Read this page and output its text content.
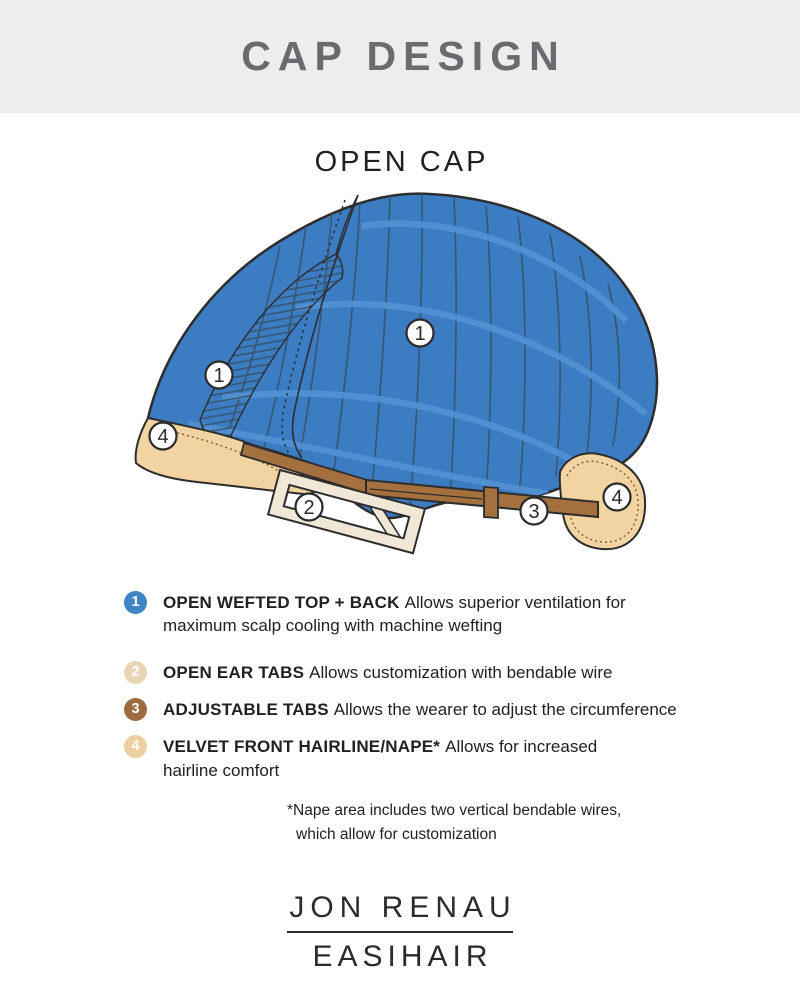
CAP DESIGN
OPEN CAP
1
1
2	3
4
4
1	OPEN WEFTED TOP + BACK Allows superior ventilation for
maximum scalp cooling with machine wefting

2	OPEN EAR TABS Allows customization with bendable wire

3	ADJUSTABLE TABS Allows the wearer to adjust the circumference

4	VELVET FRONT HAIRLINE/NAPE* Allows for increased
hairline comfort

*Nape area includes two vertical bendable wires,
which allow for customization

JON RENAU
EASIHAIR
